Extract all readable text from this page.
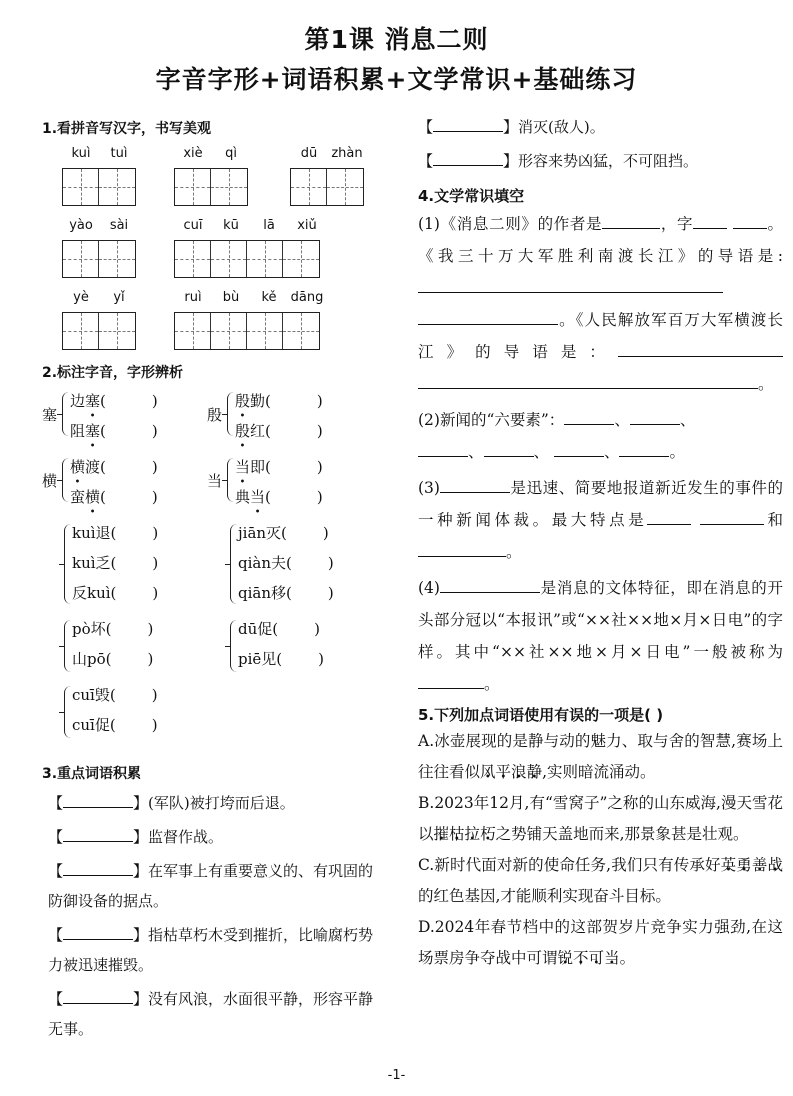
第1课 消息二则
字音字形+词语积累+文学常识+基础练习

1.看拼音写汉字，书写美观

kuì	tuì	xiè	qì	dū	zhàn
yào	sài	cuī	kū	lā	xiǔ
yè	yǐ	ruì	bù	kě	dāng

2.标注字音，字形辨析

塞
边塞(	)
阻塞(	)
殷
殷勤(	)
殷红(	)
横
横渡(	)
蛮横(	)
当
当即(	)
典当(	)
kuì退( )
kuì乏( )
反kuì( )
jiān灭( )
qiàn夫( )
qiān移( )
pò坏( )
山pō( )
dū促( )
piē见( )
cuī毁( )
cuī促( )

3.重点词语积累

【	】(军队)被打垮而后退。
【	】监督作战。
【	】在军事上有重要意义的、有巩固的防御设备的据点。
【	】指枯草朽木受到摧折，比喻腐朽势力被迅速摧毁。
【	】没有风浪，水面很平静，形容平静无事。
【	】消灭(敌人)。
【	】形容来势凶猛，不可阻挡。

4.文学常识填空

(1)《消息二则》的作者是	，字	。《我三十万大军胜利南渡长江》的导语是: 。《人民解放军百万大军横渡长江》的导语是： 。

(2)新闻的“六要素”：	、	、
、	、	、	。

(3)	是迅速、简要地报道新近发生的事件的一种新闻体裁。最大特点是	和 。

(4)	是消息的文体特征，即在消息的开头部分冠以“本报讯”或“××社××地×月×日电”的字样。其中“××社××地×月×日电”一般被称为。

5.下列加点词语使用有误的一项是( )

A.冰壶展现的是静与动的魅力、取与舍的智慧,赛场上往往看似风平浪静,实则暗流涌动。

B.2023年12月,有“雪窝子”之称的山东威海,漫天雪花以摧枯拉朽之势铺天盖地而来,那景象甚是壮观。

C.新时代面对新的使命任务,我们只有传承好英勇善战的红色基因,才能顺利实现奋斗目标。

D.2024年春节档中的这部贺岁片竞争实力强劲,在这场票房争夺战中可谓锐不可当。

-1-
